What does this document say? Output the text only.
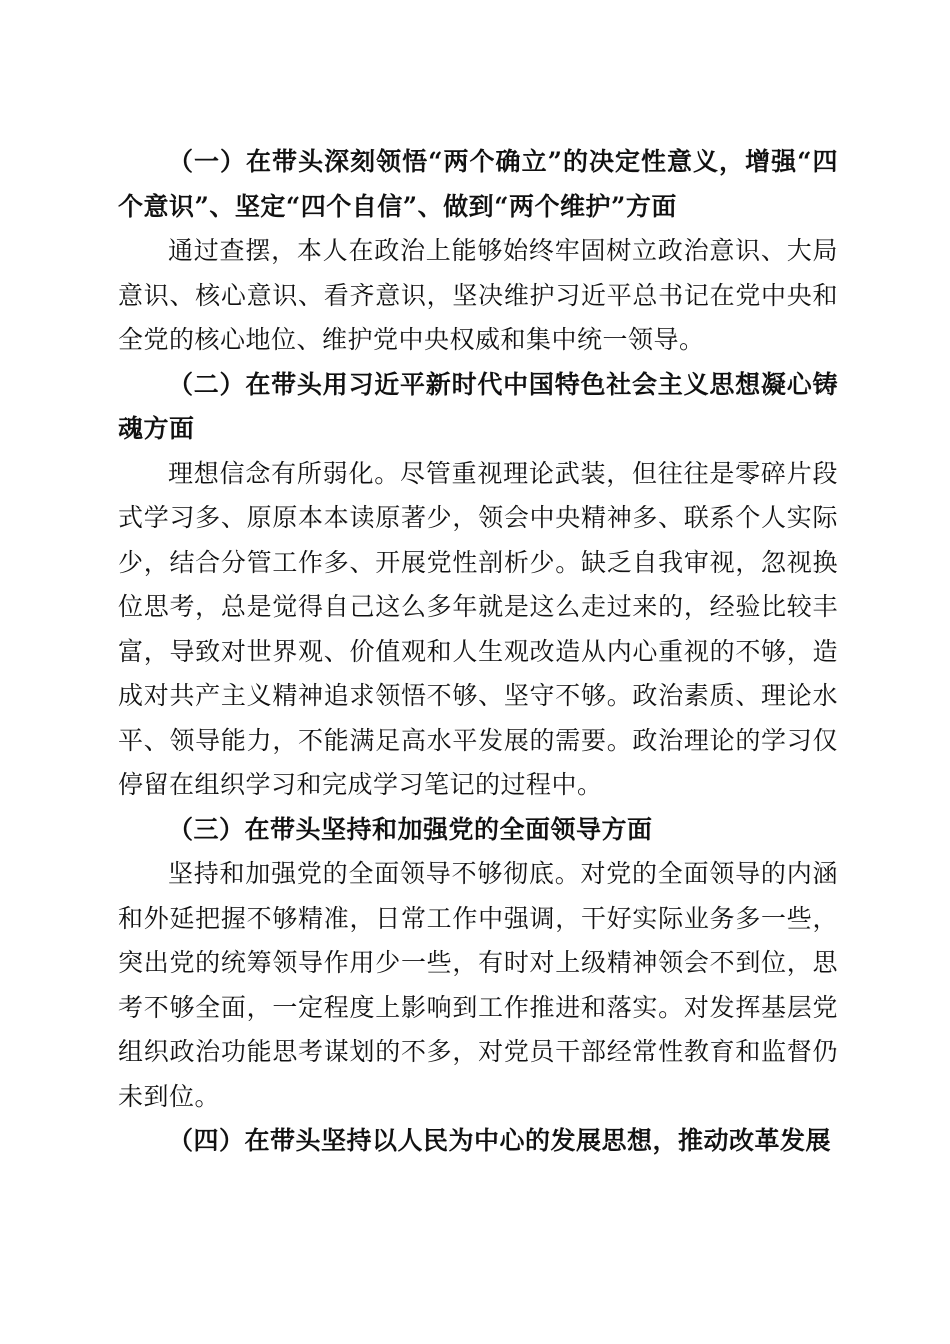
（一）在带头深刻领悟“两个确立”的决定性意义，增强“四个意识”、坚定“四个自信”、做到“两个维护”方面

通过查摆，本人在政治上能够始终牢固树立政治意识、大局意识、核心意识、看齐意识，坚决维护习近平总书记在党中央和全党的核心地位、维护党中央权威和集中统一领导。

（二）在带头用习近平新时代中国特色社会主义思想凝心铸魂方面

理想信念有所弱化。尽管重视理论武装，但往往是零碎片段式学习多、原原本本读原著少，领会中央精神多、联系个人实际少，结合分管工作多、开展党性剖析少。缺乏自我审视，忽视换位思考，总是觉得自己这么多年就是这么走过来的，经验比较丰富，导致对世界观、价值观和人生观改造从内心重视的不够，造成对共产主义精神追求领悟不够、坚守不够。政治素质、理论水平、领导能力，不能满足高水平发展的需要。政治理论的学习仅停留在组织学习和完成学习笔记的过程中。

（三）在带头坚持和加强党的全面领导方面

坚持和加强党的全面领导不够彻底。对党的全面领导的内涵和外延把握不够精准，日常工作中强调，干好实际业务多一些，突出党的统筹领导作用少一些，有时对上级精神领会不到位，思考不够全面，一定程度上影响到工作推进和落实。对发挥基层党组织政治功能思考谋划的不多，对党员干部经常性教育和监督仍未到位。

（四）在带头坚持以人民为中心的发展思想，推动改革发展
